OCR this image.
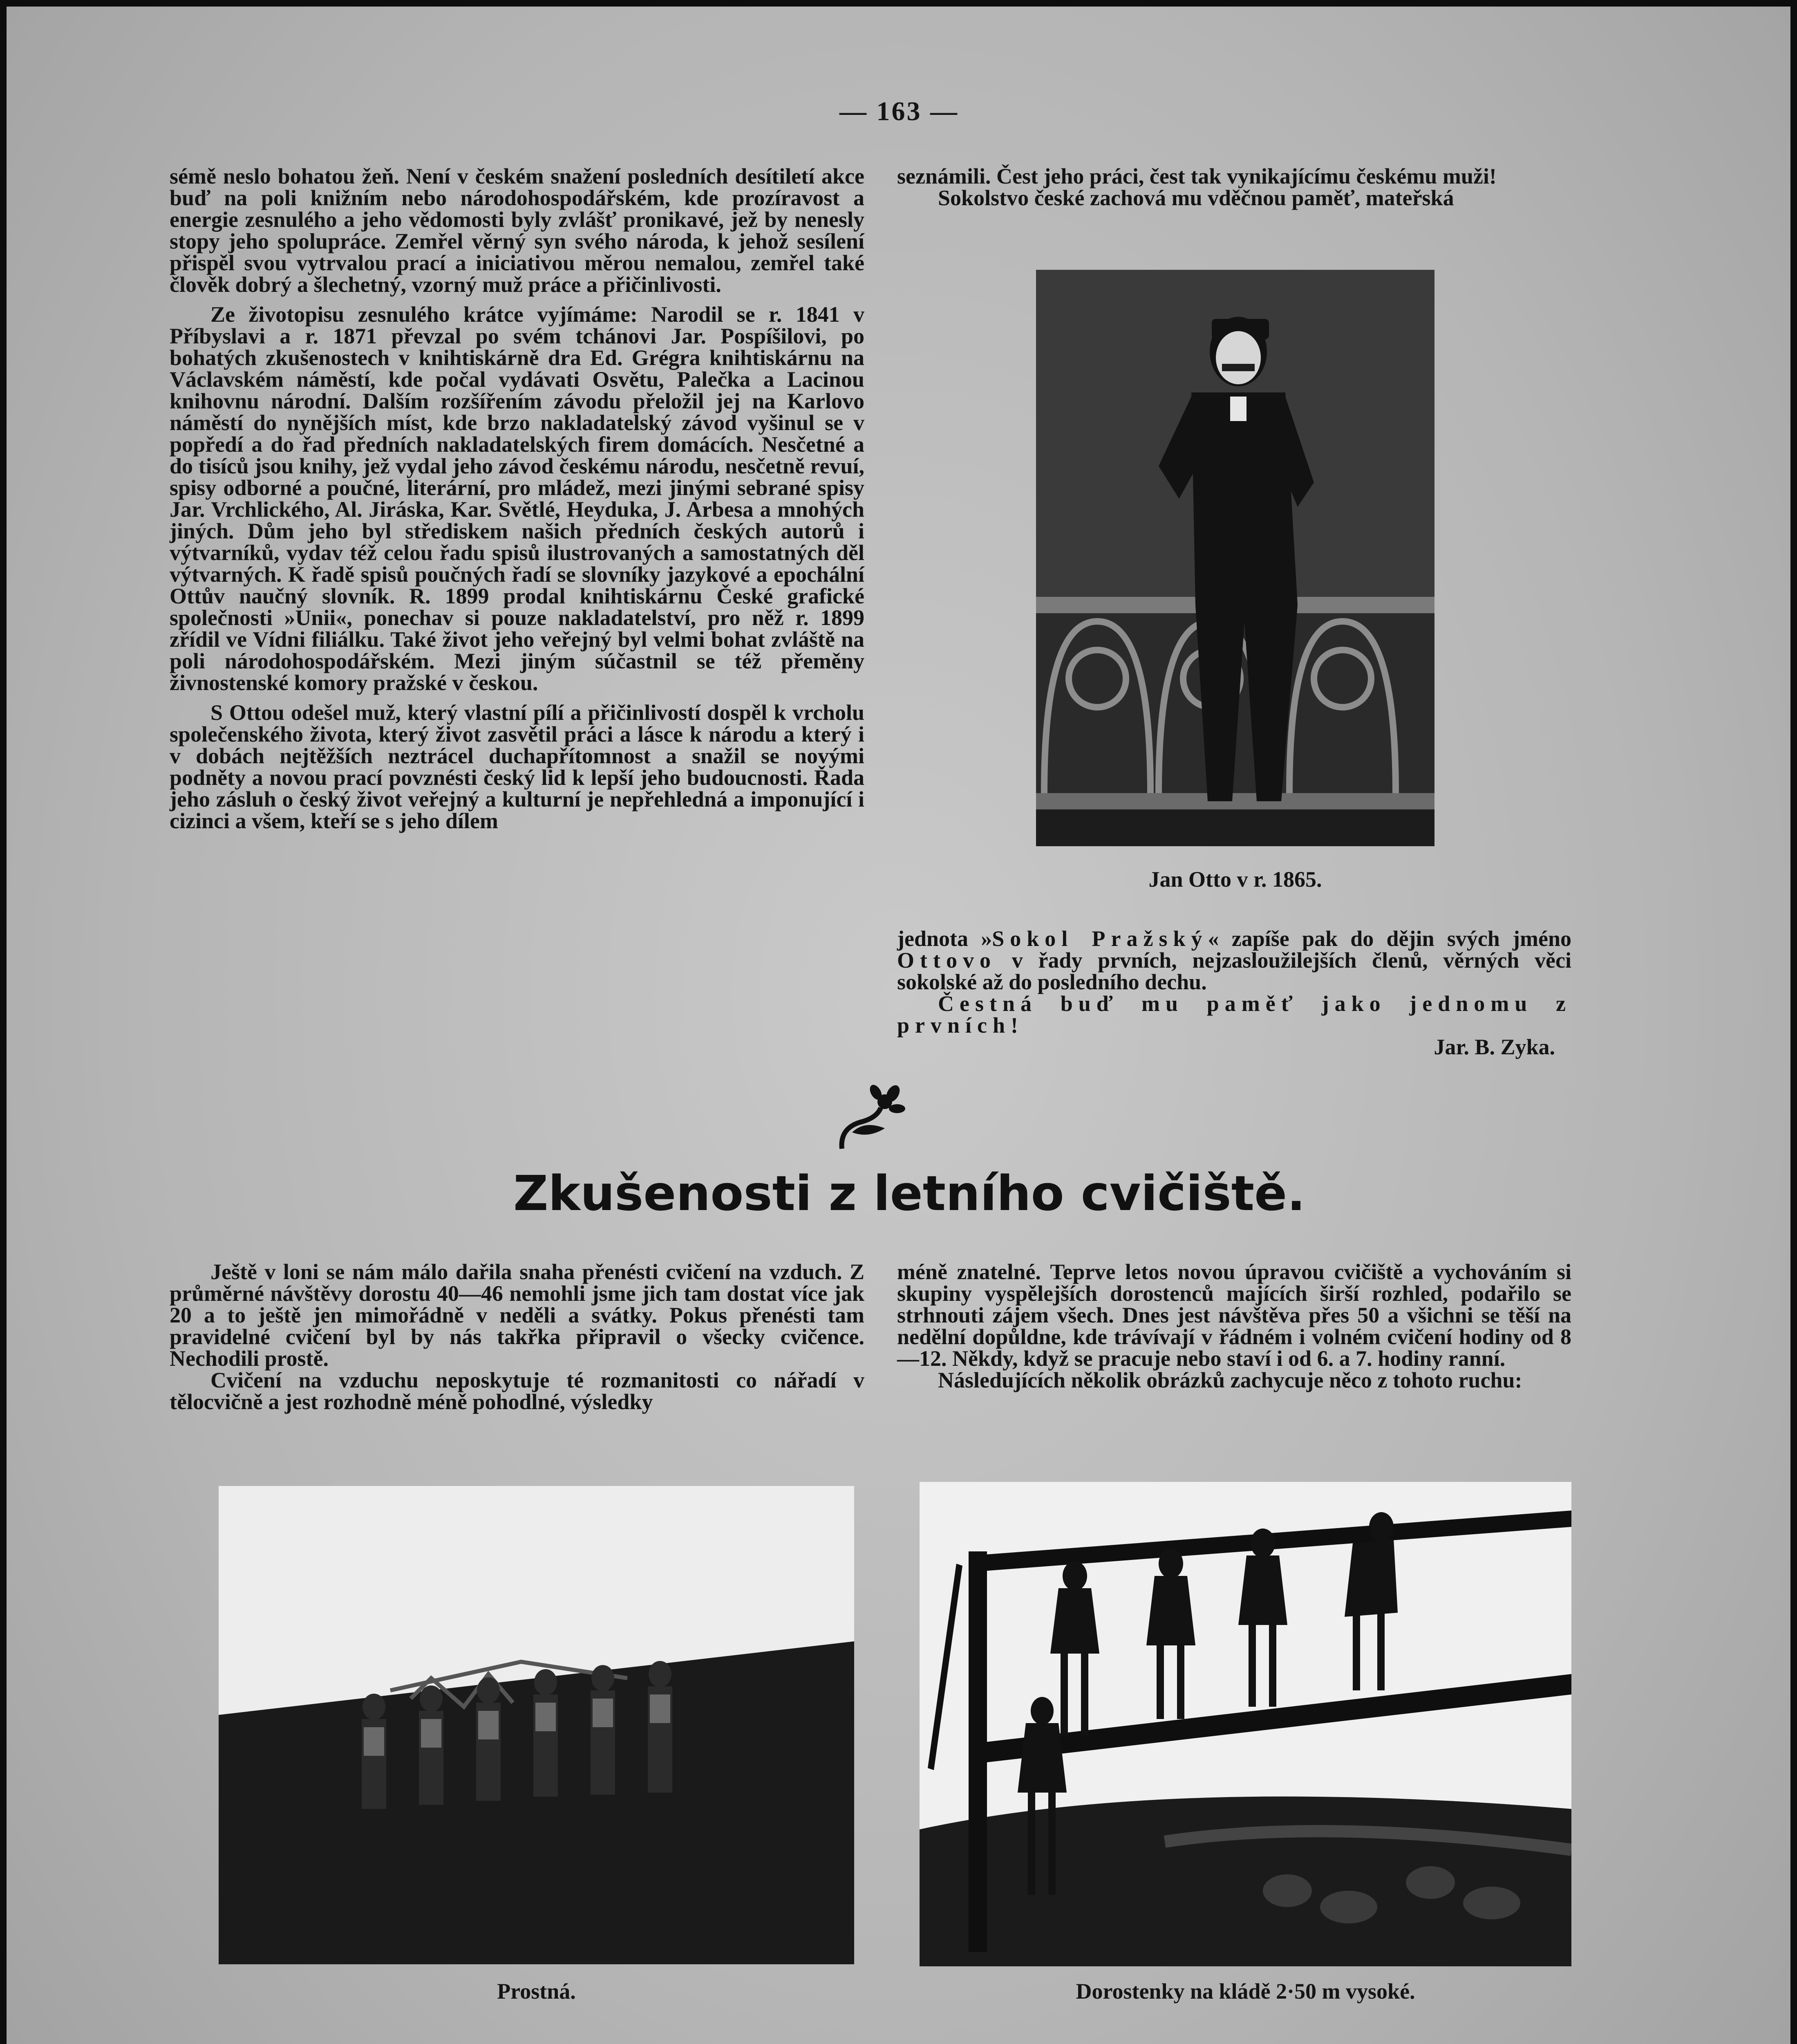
— 163 —

sémě neslo bohatou žeň. Není v českém snažení posledních desítiletí akce buď na poli knižním nebo národohospodářském, kde prozíravost a energie zesnulého a jeho vědomosti byly zvlášť pronikavé, jež by nenesly stopy jeho spolupráce. Zemřel věrný syn svého národa, k jehož sesílení přispěl svou vytrvalou prací a iniciativou měrou nemalou, zemřel také člověk dobrý a šlechetný, vzorný muž práce a přičinlivosti.

Ze životopisu zesnulého krátce vyjímáme: Narodil se r. 1841 v Příbyslavi a r. 1871 převzal po svém tchánovi Jar. Pospíšilovi, po bohatých zkušenostech v knihtiskárně dra Ed. Grégra knihtiskárnu na Václavském náměstí, kde počal vydávati Osvětu, Palečka a Lacinou knihovnu národní. Dalším rozšířením závodu přeložil jej na Karlovo náměstí do nynějších míst, kde brzo nakladatelský závod vyšinul se v popředí a do řad předních nakladatelských firem domácích. Nesčetné a do tisíců jsou knihy, jež vydal jeho závod českému národu, nesčetně revuí, spisy odborné a poučné, literární, pro mládež, mezi jinými sebrané spisy Jar. Vrchlického, Al. Jiráska, Kar. Světlé, Heyduka, J. Arbesa a mnohých jiných. Dům jeho byl střediskem našich předních českých autorů i výtvarníků, vydav též celou řadu spisů ilustrovaných a samostatných děl výtvarných. K řadě spisů poučných řadí se slovníky jazykové a epochální Ottův naučný slovník. R. 1899 prodal knihtiskárnu České grafické společnosti »Unii«, ponechav si pouze nakladatelství, pro něž r. 1899 zřídil ve Vídni filiálku. Také život jeho veřejný byl velmi bohat zvláště na poli národohospodářském. Mezi jiným súčastnil se též přeměny živnostenské komory pražské v českou.

S Ottou odešel muž, který vlastní pílí a přičinlivostí dospěl k vrcholu společenského života, který život zasvětil práci a lásce k národu a který i v dobách nejtěžších neztrácel duchapřítomnost a snažil se novými podněty a novou prací povznésti český lid k lepší jeho budoucnosti. Řada jeho zásluh o český život veřejný a kulturní je nepřehledná a imponující i cizinci a všem, kteří se s jeho dílem

seznámili. Čest jeho práci, čest tak vynikajícímu českému muži!

Sokolstvo české zachová mu vděčnou paměť, mateřská

Jan Otto v r. 1865.

jednota »Sokol Pražský« zapíše pak do dějin svých jméno Ottovo v řady prvních, nejzasloužilejších členů, věrných věci sokolské až do posledního dechu.

Čestná buď mu paměť jako jednomu z prvních!

Jar. B. Zyka.
Zkušenosti z letního cvičiště.

Ještě v loni se nám málo dařila snaha přenésti cvičení na vzduch. Z průměrné návštěvy dorostu 40—46 nemohli jsme jich tam dostat více jak 20 a to ještě jen mimořádně v neděli a svátky. Pokus přenésti tam pravidelné cvičení byl by nás takřka připravil o všecky cvičence. Nechodili prostě.

Cvičení na vzduchu neposkytuje té rozmanitosti co nářadí v tělocvičně a jest rozhodně méně pohodlné, výsledky

méně znatelné. Teprve letos novou úpravou cvičiště a vychováním si skupiny vyspělejších dorostenců majících širší rozhled, podařilo se strhnouti zájem všech. Dnes jest návštěva přes 50 a všichni se těší na nedělní dopůldne, kde trávívají v řádném i volném cvičení hodiny od 8—12. Někdy, když se pracuje nebo staví i od 6. a 7. hodiny ranní.

Následujících několik obrázků zachycuje něco z tohoto ruchu:

Prostná.	Dorostenky na kládě 2·50 m vysoké.
